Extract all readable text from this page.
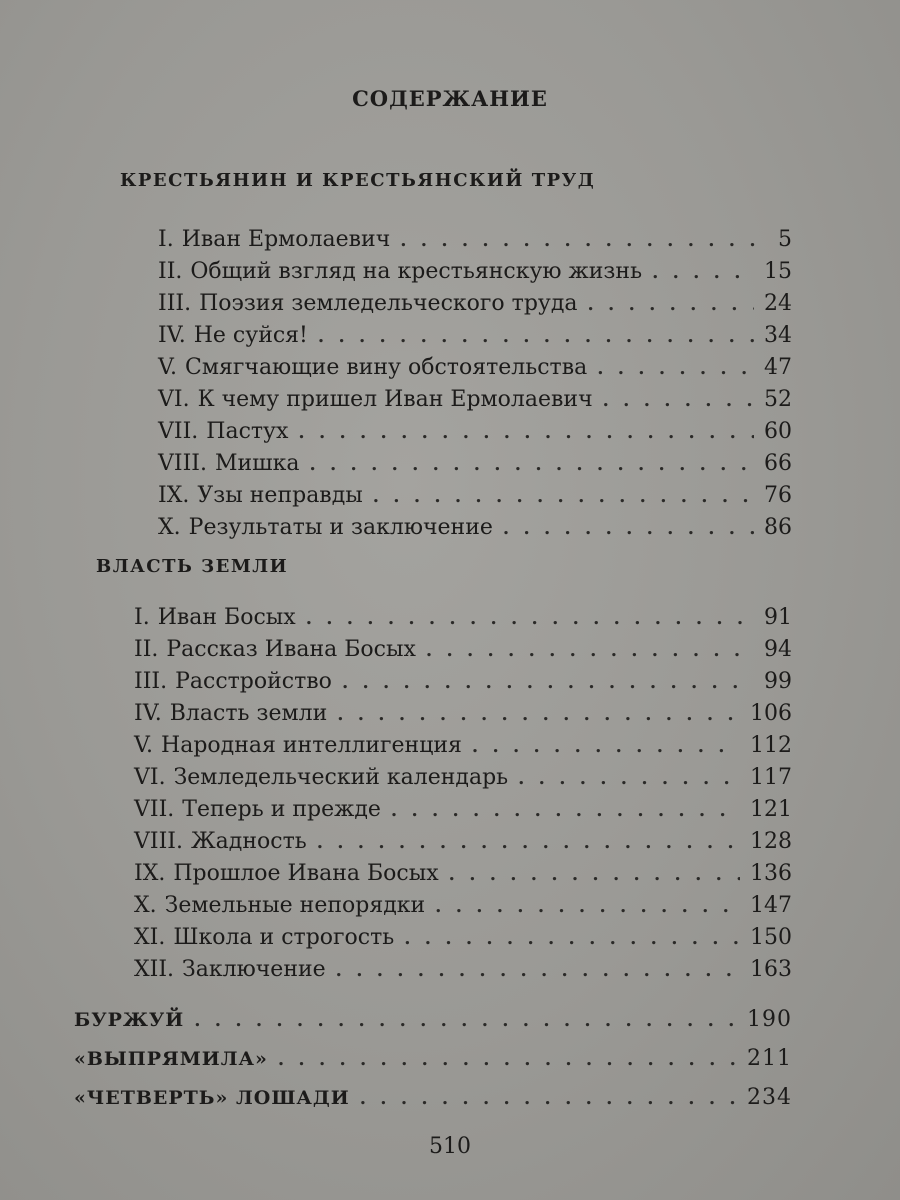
СОДЕРЖАНИЕ
КРЕСТЬЯНИН И КРЕСТЬЯНСКИЙ ТРУД
I. Иван Ермолаевич . . .	5
II. Общий взгляд на крестьянскую жизнь . . .	15
III. Поэзия земледельческого труда . . .	24
IV. Не суйся! . . .	34
V. Смягчающие вину обстоятельства . . .	47
VI. К чему пришел Иван Ермолаевич . . .	52
VII. Пастух . . .	60
VIII. Мишка . . .	66
IX. Узы неправды . . .	76
X. Результаты и заключение . . .	86
ВЛАСТЬ ЗЕМЛИ
I. Иван Босых . . .	91
II. Рассказ Ивана Босых . . .	94
III. Расстройство . . .	99
IV. Власть земли . . .	106
V. Народная интеллигенция . . .	112
VI. Земледельческий календарь . . .	117
VII. Теперь и прежде . . .	121
VIII. Жадность . . .	128
IX. Прошлое Ивана Босых . . .	136
X. Земельные непорядки . . .	147
XI. Школа и строгость . . .	150
XII. Заключение . . .	163
БУРЖУЙ . . .	190
«ВЫПРЯМИЛА» . . .	211
«ЧЕТВЕРТЬ» ЛОШАДИ . . .	234
510
